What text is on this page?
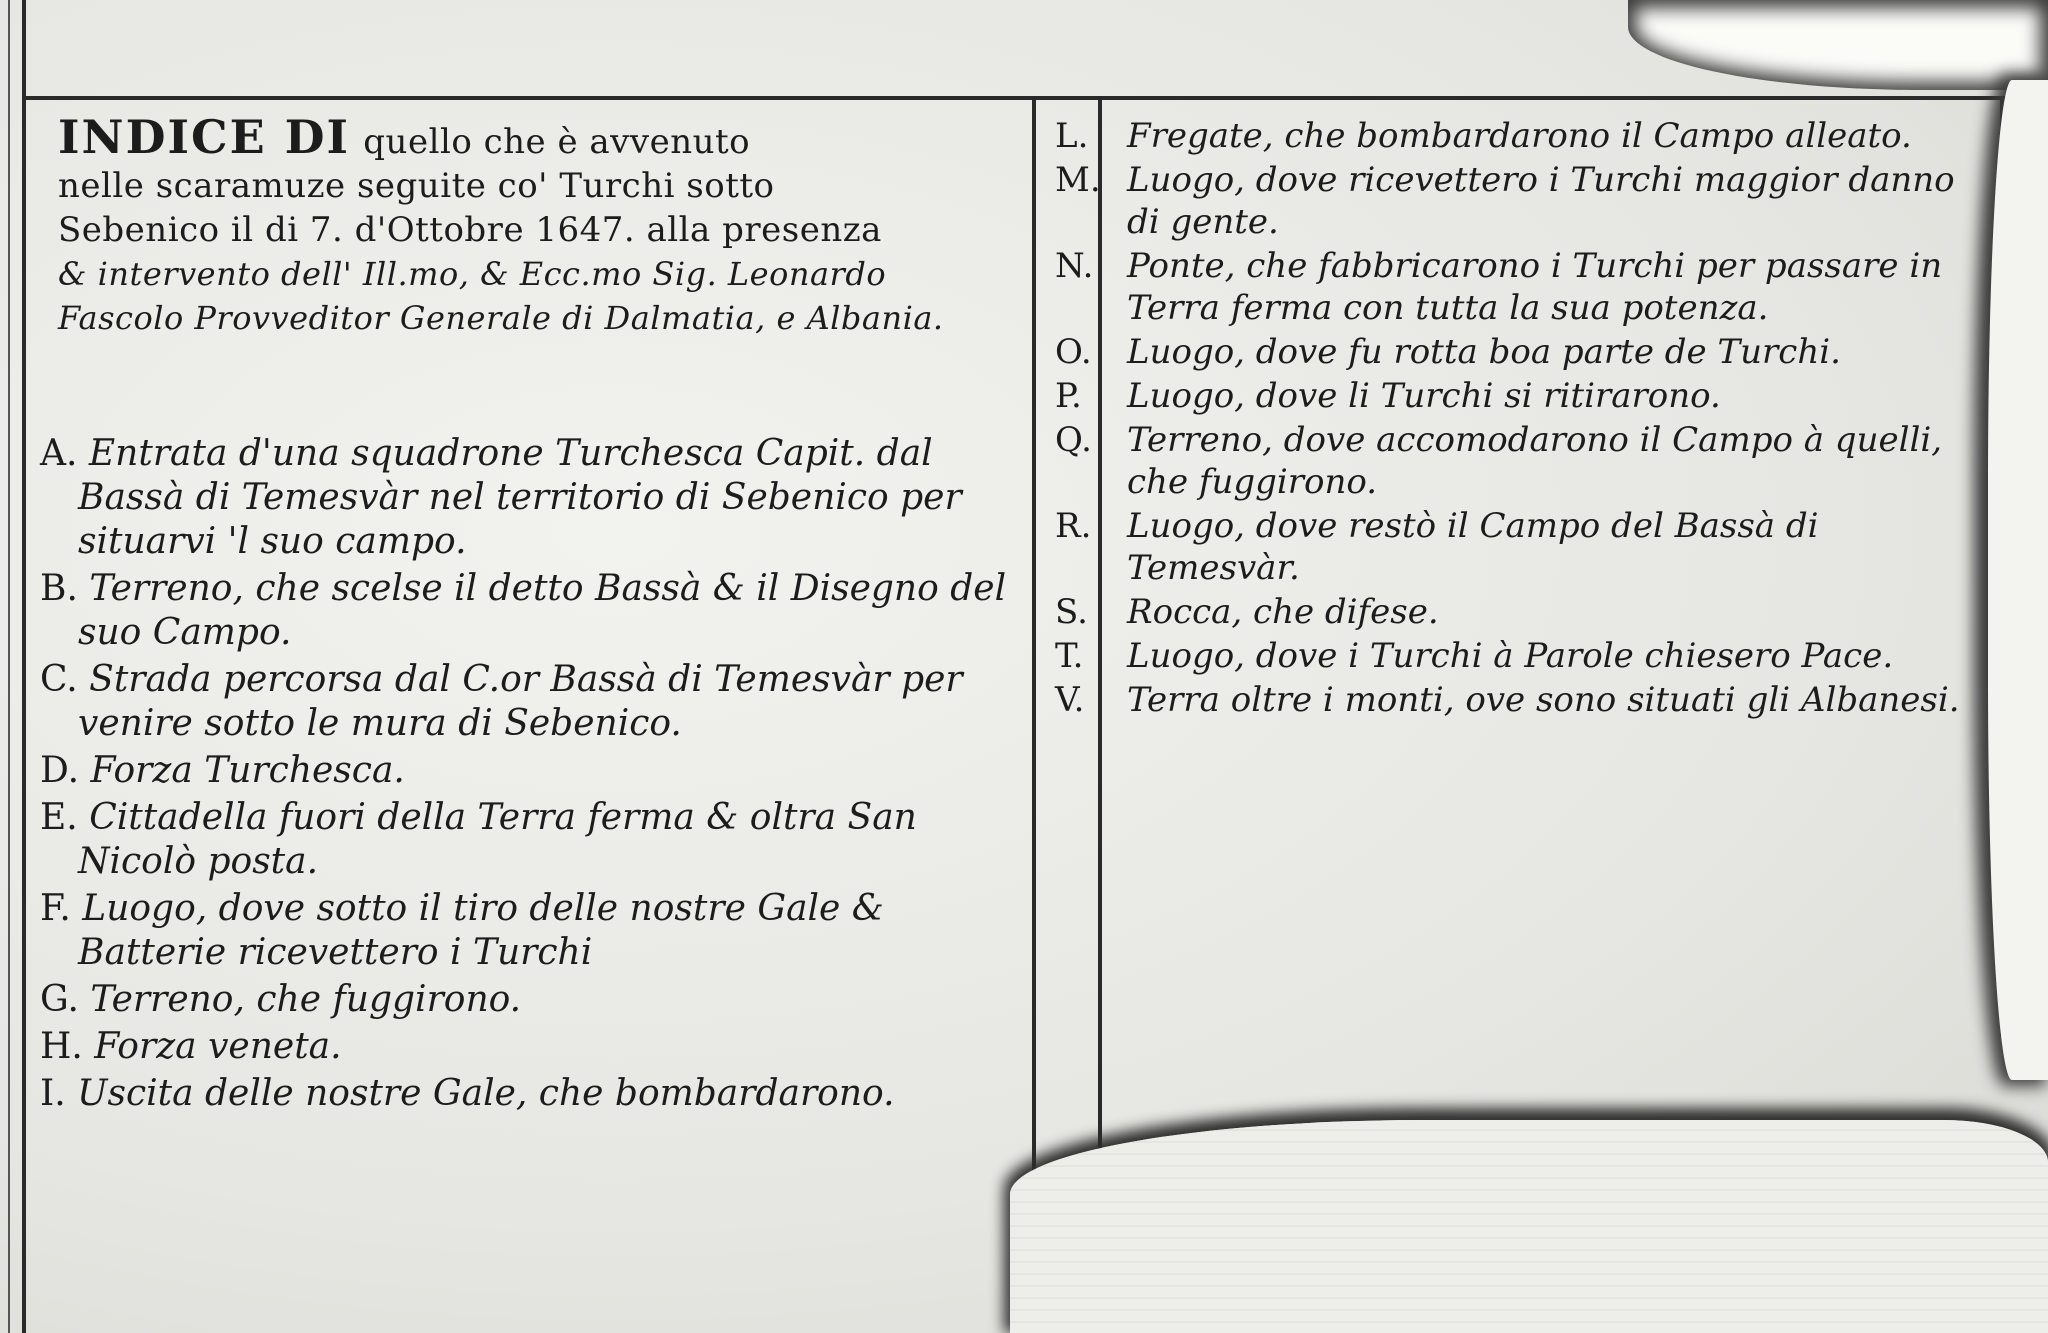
INDICE DI quello che è avvenuto
nelle scaramuze seguite co' Turchi sotto
Sebenico il di 7. d'Ottobre 1647. alla presenza
& intervento dell' Ill.mo, & Ecc.mo Sig. Leonardo
Fascolo Provveditor Generale di Dalmatia, e Albania.
A. Entrata d'una squadrone Turchesca Capit. dal Bassà di Temesvàr nel territorio di Sebenico per situarvi 'l suo campo.
B. Terreno, che scelse il detto Bassà & il Disegno del suo Campo.
C. Strada percorsa dal C.or Bassà di Temesvàr per venire sotto le mura di Sebenico.
D. Forza Turchesca.
E. Cittadella fuori della Terra ferma & oltra San Nicolò posta.
F. Luogo, dove sotto il tiro delle nostre Gale & Batterie ricevettero i Turchi
G. Terreno, che fuggirono.
H. Forza veneta.
I. Uscita delle nostre Gale, che bombardarono.
L. Fregate, che bombardarono il Campo alleato.
M. Luogo, dove ricevettero i Turchi maggior danno di gente.
N. Ponte, che fabbricarono i Turchi per passare in Terra ferma con tutta la sua potenza.
O. Luogo, dove fu rotta boa parte de Turchi.
P. Luogo, dove li Turchi si ritirarono.
Q. Terreno, dove accomodarono il Campo à quelli, che fuggirono.
R. Luogo, dove restò il Campo del Bassà di Temesvàr.
S. Rocca, che difese.
T. Luogo, dove i Turchi à Parole chiesero Pace.
V. Terra oltre i monti, ove sono situati gli Albanesi.
